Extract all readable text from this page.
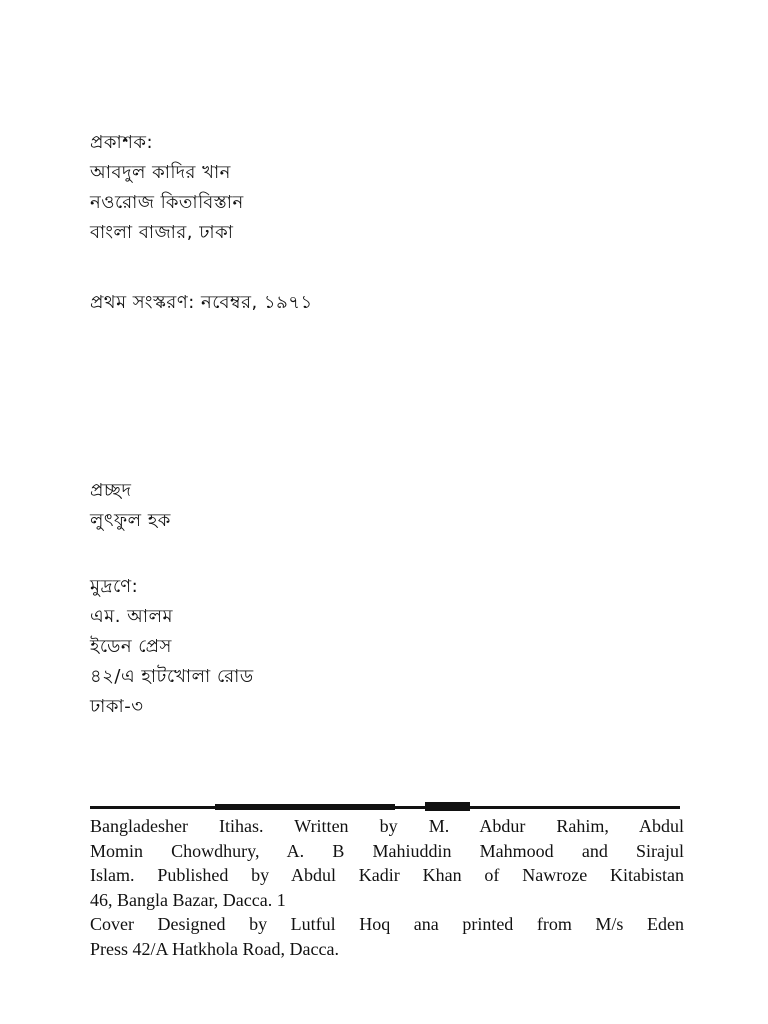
প্রকাশক:
আবদুল কাদির খান
নওরোজ কিতাবিস্তান
বাংলা বাজার, ঢাকা
প্রথম সংস্করণ: নবেম্বর, ১৯৭১
প্রচ্ছদ
লুৎফুল হক
মুদ্রণে:
এম. আলম
ইডেন প্রেস
৪২/এ হাটখোলা রোড
ঢাকা-৩
Bangladesher Itihas. Written by M. Abdur Rahim, Abdul
Momin Chowdhury, A. B Mahiuddin Mahmood and Sirajul
Islam. Published by Abdul Kadir Khan of Nawroze Kitabistan
46, Bangla Bazar, Dacca. 1
Cover Designed by Lutful Hoq ana printed from M/s Eden
Press 42/A Hatkhola Road, Dacca.
